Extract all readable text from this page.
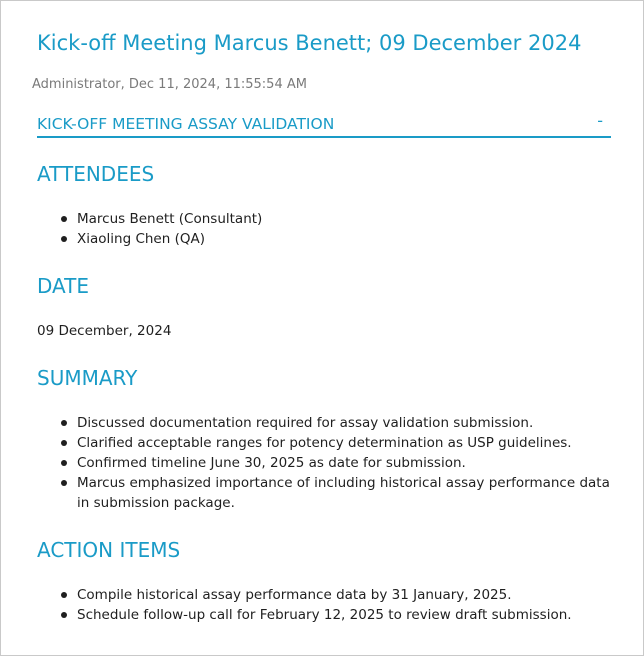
Kick-off Meeting Marcus Benett; 09 December 2024
Administrator, Dec 11, 2024, 11:55:54 AM
KICK-OFF MEETING ASSAY VALIDATION	-
ATTENDEES
Marcus Benett (Consultant)
Xiaoling Chen (QA)
DATE
09 December, 2024
SUMMARY
Discussed documentation required for assay validation submission.
Clarified acceptable ranges for potency determination as USP guidelines.
Confirmed timeline June 30, 2025 as date for submission.
Marcus emphasized importance of including historical assay performance data in submission package.
ACTION ITEMS
Compile historical assay performance data by 31 January, 2025.
Schedule follow-up call for February 12, 2025 to review draft submission.
